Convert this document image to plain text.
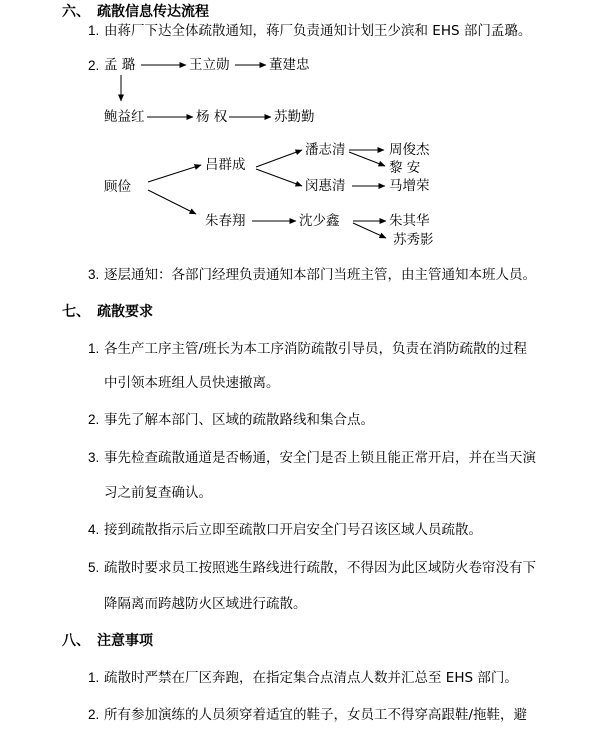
六、 疏散信息传达流程
1. 由蒋厂下达全体疏散通知，蒋厂负责通知计划王少滨和 EHS 部门孟璐。
2. 孟 璐	王立勋	董建忠
鲍益红	杨 权	苏勤勤
吕群成
潘志清	周俊杰
黎 安
顾俭	闵惠清	马增荣
朱春翔	沈少鑫	朱其华
苏秀影
3. 逐层通知：各部门经理负责通知本部门当班主管，由主管通知本班人员。
七、 疏散要求
1. 各生产工序主管/班长为本工序消防疏散引导员，负责在消防疏散的过程
中引领本班组人员快速撤离。
2. 事先了解本部门、区域的疏散路线和集合点。
3. 事先检查疏散通道是否畅通，安全门是否上锁且能正常开启，并在当天演
习之前复查确认。
4. 接到疏散指示后立即至疏散口开启安全门号召该区域人员疏散。
5. 疏散时要求员工按照逃生路线进行疏散，不得因为此区域防火卷帘没有下
降隔离而跨越防火区域进行疏散。
八、 注意事项
1. 疏散时严禁在厂区奔跑，在指定集合点清点人数并汇总至 EHS 部门。
2. 所有参加演练的人员须穿着适宜的鞋子，女员工不得穿高跟鞋/拖鞋，避
